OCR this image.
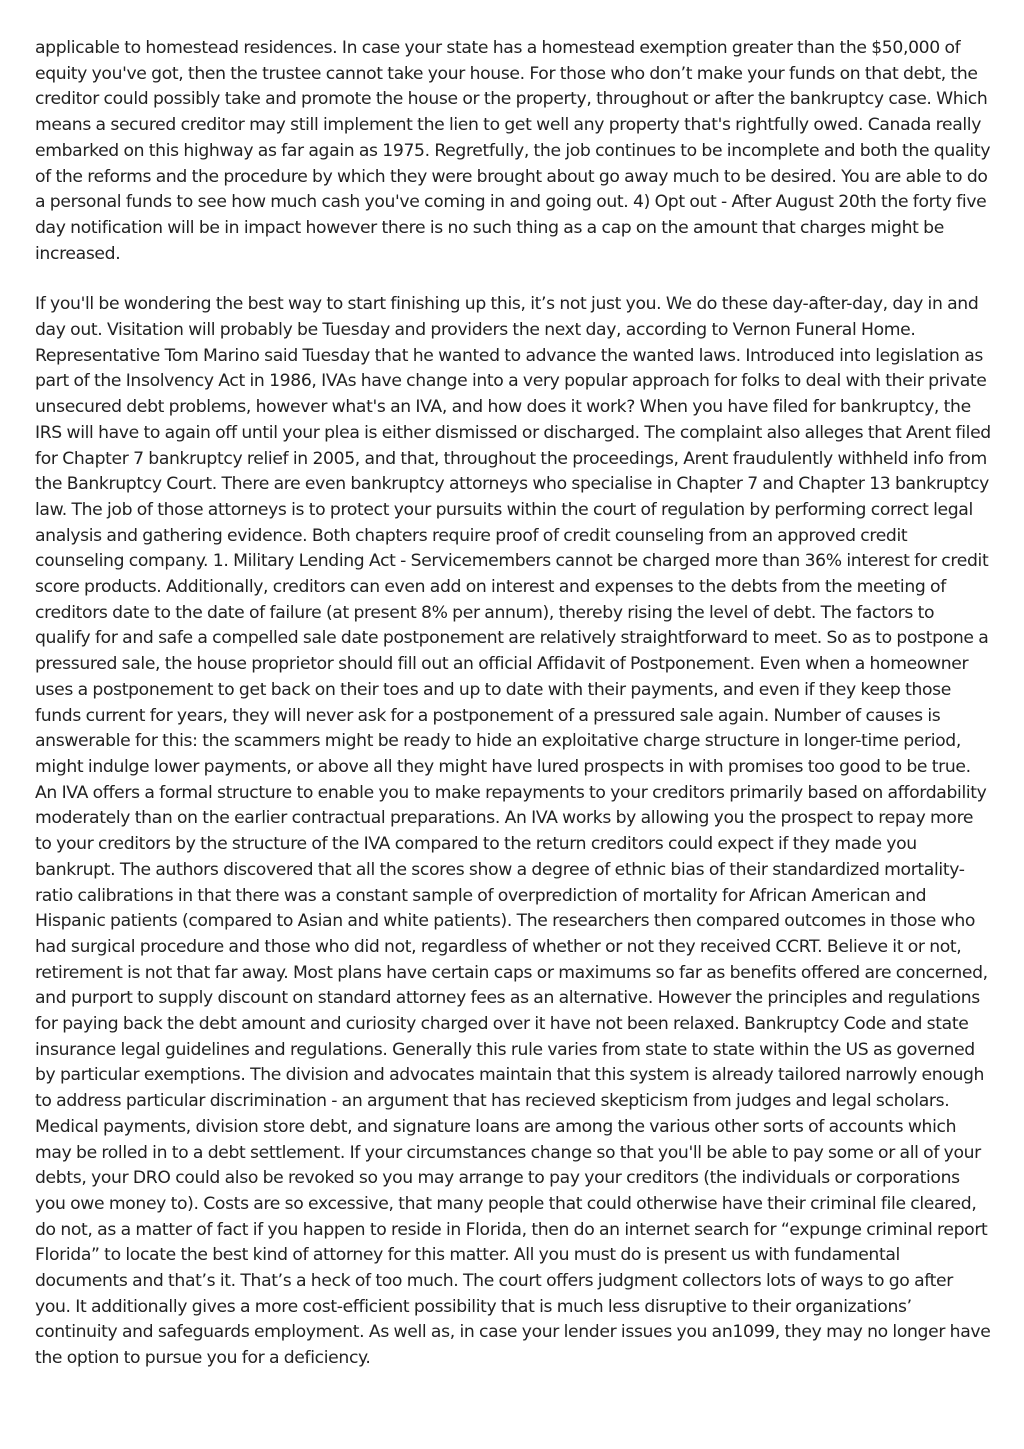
applicable to homestead residences. In case your state has a homestead exemption greater than the $50,000 of equity you've got, then the trustee cannot take your house. For those who don’t make your funds on that debt, the creditor could possibly take and promote the house or the property, throughout or after the bankruptcy case. Which means a secured creditor may still implement the lien to get well any property that's rightfully owed. Canada really embarked on this highway as far again as 1975. Regretfully, the job continues to be incomplete and both the quality of the reforms and the procedure by which they were brought about go away much to be desired. You are able to do a personal funds to see how much cash you've coming in and going out. 4) Opt out - After August 20th the forty five day notification will be in impact however there is no such thing as a cap on the amount that charges might be increased.

If you'll be wondering the best way to start finishing up this, it’s not just you. We do these day-after-day, day in and day out. Visitation will probably be Tuesday and providers the next day, according to Vernon Funeral Home. Representative Tom Marino said Tuesday that he wanted to advance the wanted laws. Introduced into legislation as part of the Insolvency Act in 1986, IVAs have change into a very popular approach for folks to deal with their private unsecured debt problems, however what's an IVA, and how does it work? When you have filed for bankruptcy, the IRS will have to again off until your plea is either dismissed or discharged. The complaint also alleges that Arent filed for Chapter 7 bankruptcy relief in 2005, and that, throughout the proceedings, Arent fraudulently withheld info from the Bankruptcy Court. There are even bankruptcy attorneys who specialise in Chapter 7 and Chapter 13 bankruptcy law. The job of those attorneys is to protect your pursuits within the court of regulation by performing correct legal analysis and gathering evidence. Both chapters require proof of credit counseling from an approved credit counseling company. 1. Military Lending Act - Servicemembers cannot be charged more than 36% interest for credit score products. Additionally, creditors can even add on interest and expenses to the debts from the meeting of creditors date to the date of failure (at present 8% per annum), thereby rising the level of debt. The factors to qualify for and safe a compelled sale date postponement are relatively straightforward to meet. So as to postpone a pressured sale, the house proprietor should fill out an official Affidavit of Postponement. Even when a homeowner uses a postponement to get back on their toes and up to date with their payments, and even if they keep those funds current for years, they will never ask for a postponement of a pressured sale again. Number of causes is answerable for this: the scammers might be ready to hide an exploitative charge structure in longer-time period, might indulge lower payments, or above all they might have lured prospects in with promises too good to be true. An IVA offers a formal structure to enable you to make repayments to your creditors primarily based on affordability moderately than on the earlier contractual preparations. An IVA works by allowing you the prospect to repay more to your creditors by the structure of the IVA compared to the return creditors could expect if they made you bankrupt. The authors discovered that all the scores show a degree of ethnic bias of their standardized mortality-ratio calibrations in that there was a constant sample of overprediction of mortality for African American and Hispanic patients (compared to Asian and white patients). The researchers then compared outcomes in those who had surgical procedure and those who did not, regardless of whether or not they received CCRT. Believe it or not, retirement is not that far away. Most plans have certain caps or maximums so far as benefits offered are concerned, and purport to supply discount on standard attorney fees as an alternative. However the principles and regulations for paying back the debt amount and curiosity charged over it have not been relaxed. Bankruptcy Code and state insurance legal guidelines and regulations. Generally this rule varies from state to state within the US as governed by particular exemptions. The division and advocates maintain that this system is already tailored narrowly enough to address particular discrimination - an argument that has recieved skepticism from judges and legal scholars. Medical payments, division store debt, and signature loans are among the various other sorts of accounts which may be rolled in to a debt settlement. If your circumstances change so that you'll be able to pay some or all of your debts, your DRO could also be revoked so you may arrange to pay your creditors (the individuals or corporations you owe money to). Costs are so excessive, that many people that could otherwise have their criminal file cleared, do not, as a matter of fact if you happen to reside in Florida, then do an internet search for “expunge criminal report Florida” to locate the best kind of attorney for this matter. All you must do is present us with fundamental documents and that’s it. That’s a heck of too much. The court offers judgment collectors lots of ways to go after you. It additionally gives a more cost-efficient possibility that is much less disruptive to their organizations’ continuity and safeguards employment. As well as, in case your lender issues you an1099, they may no longer have the option to pursue you for a deficiency.
